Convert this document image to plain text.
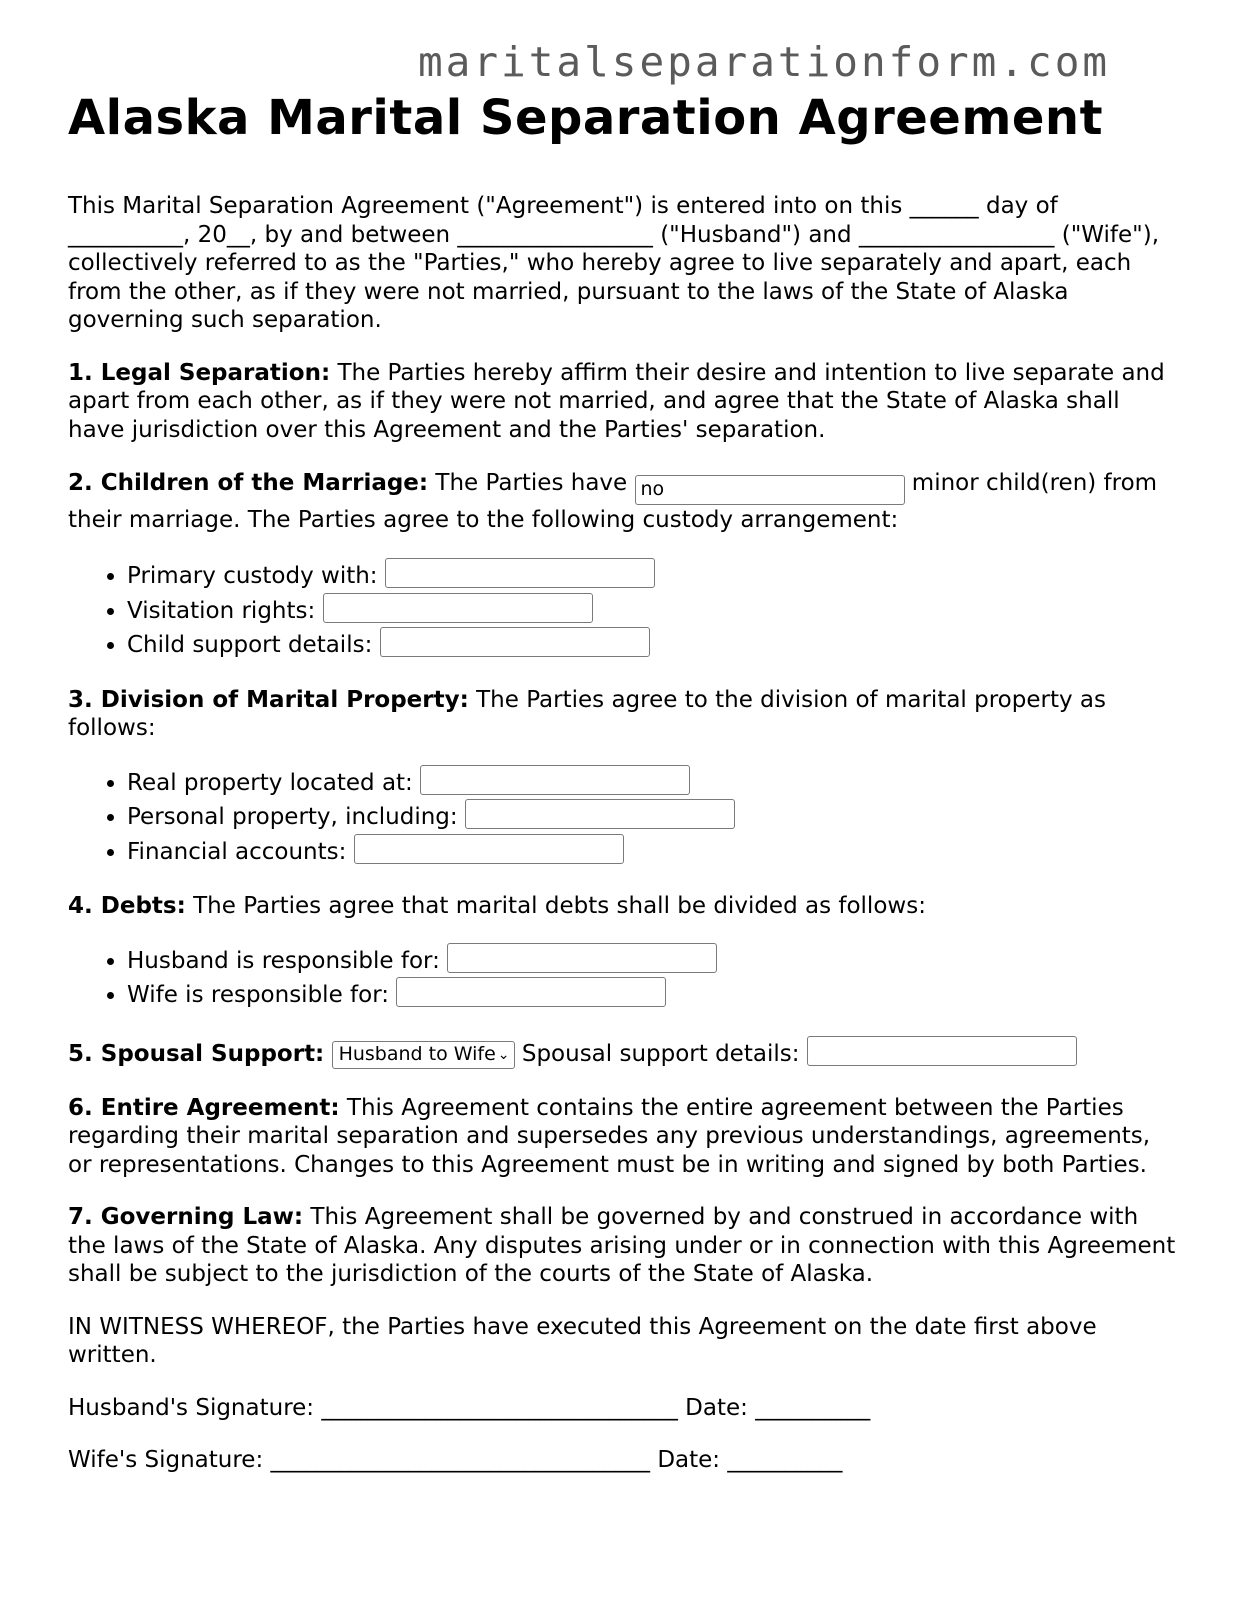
maritalseparationform.com
Alaska Marital Separation Agreement

This Marital Separation Agreement ("Agreement") is entered into on this ______ day of __________, 20__, by and between _________________ ("Husband") and _________________ ("Wife"), collectively referred to as the "Parties," who hereby agree to live separately and apart, each from the other, as if they were not married, pursuant to the laws of the State of Alaska governing such separation.

1. Legal Separation: The Parties hereby affirm their desire and intention to live separate and apart from each other, as if they were not married, and agree that the State of Alaska shall have jurisdiction over this Agreement and the Parties' separation.

2. Children of the Marriage: The Parties have no	minor child(ren) from their marriage. The Parties agree to the following custody arrangement:

• Primary custody with:
• Visitation rights:
• Child support details:

3. Division of Marital Property: The Parties agree to the division of marital property as follows:

• Real property located at:
• Personal property, including:
• Financial accounts:

4. Debts: The Parties agree that marital debts shall be divided as follows:

• Husband is responsible for:
• Wife is responsible for:

5. Spousal Support: Husband to Wife ⌄ Spousal support details:

6. Entire Agreement: This Agreement contains the entire agreement between the Parties regarding their marital separation and supersedes any previous understandings, agreements, or representations. Changes to this Agreement must be in writing and signed by both Parties.

7. Governing Law: This Agreement shall be governed by and construed in accordance with the laws of the State of Alaska. Any disputes arising under or in connection with this Agreement shall be subject to the jurisdiction of the courts of the State of Alaska.

IN WITNESS WHEREOF, the Parties have executed this Agreement on the date first above written.

Husband's Signature: _______________________________ Date: __________

Wife's Signature: _________________________________ Date: __________
